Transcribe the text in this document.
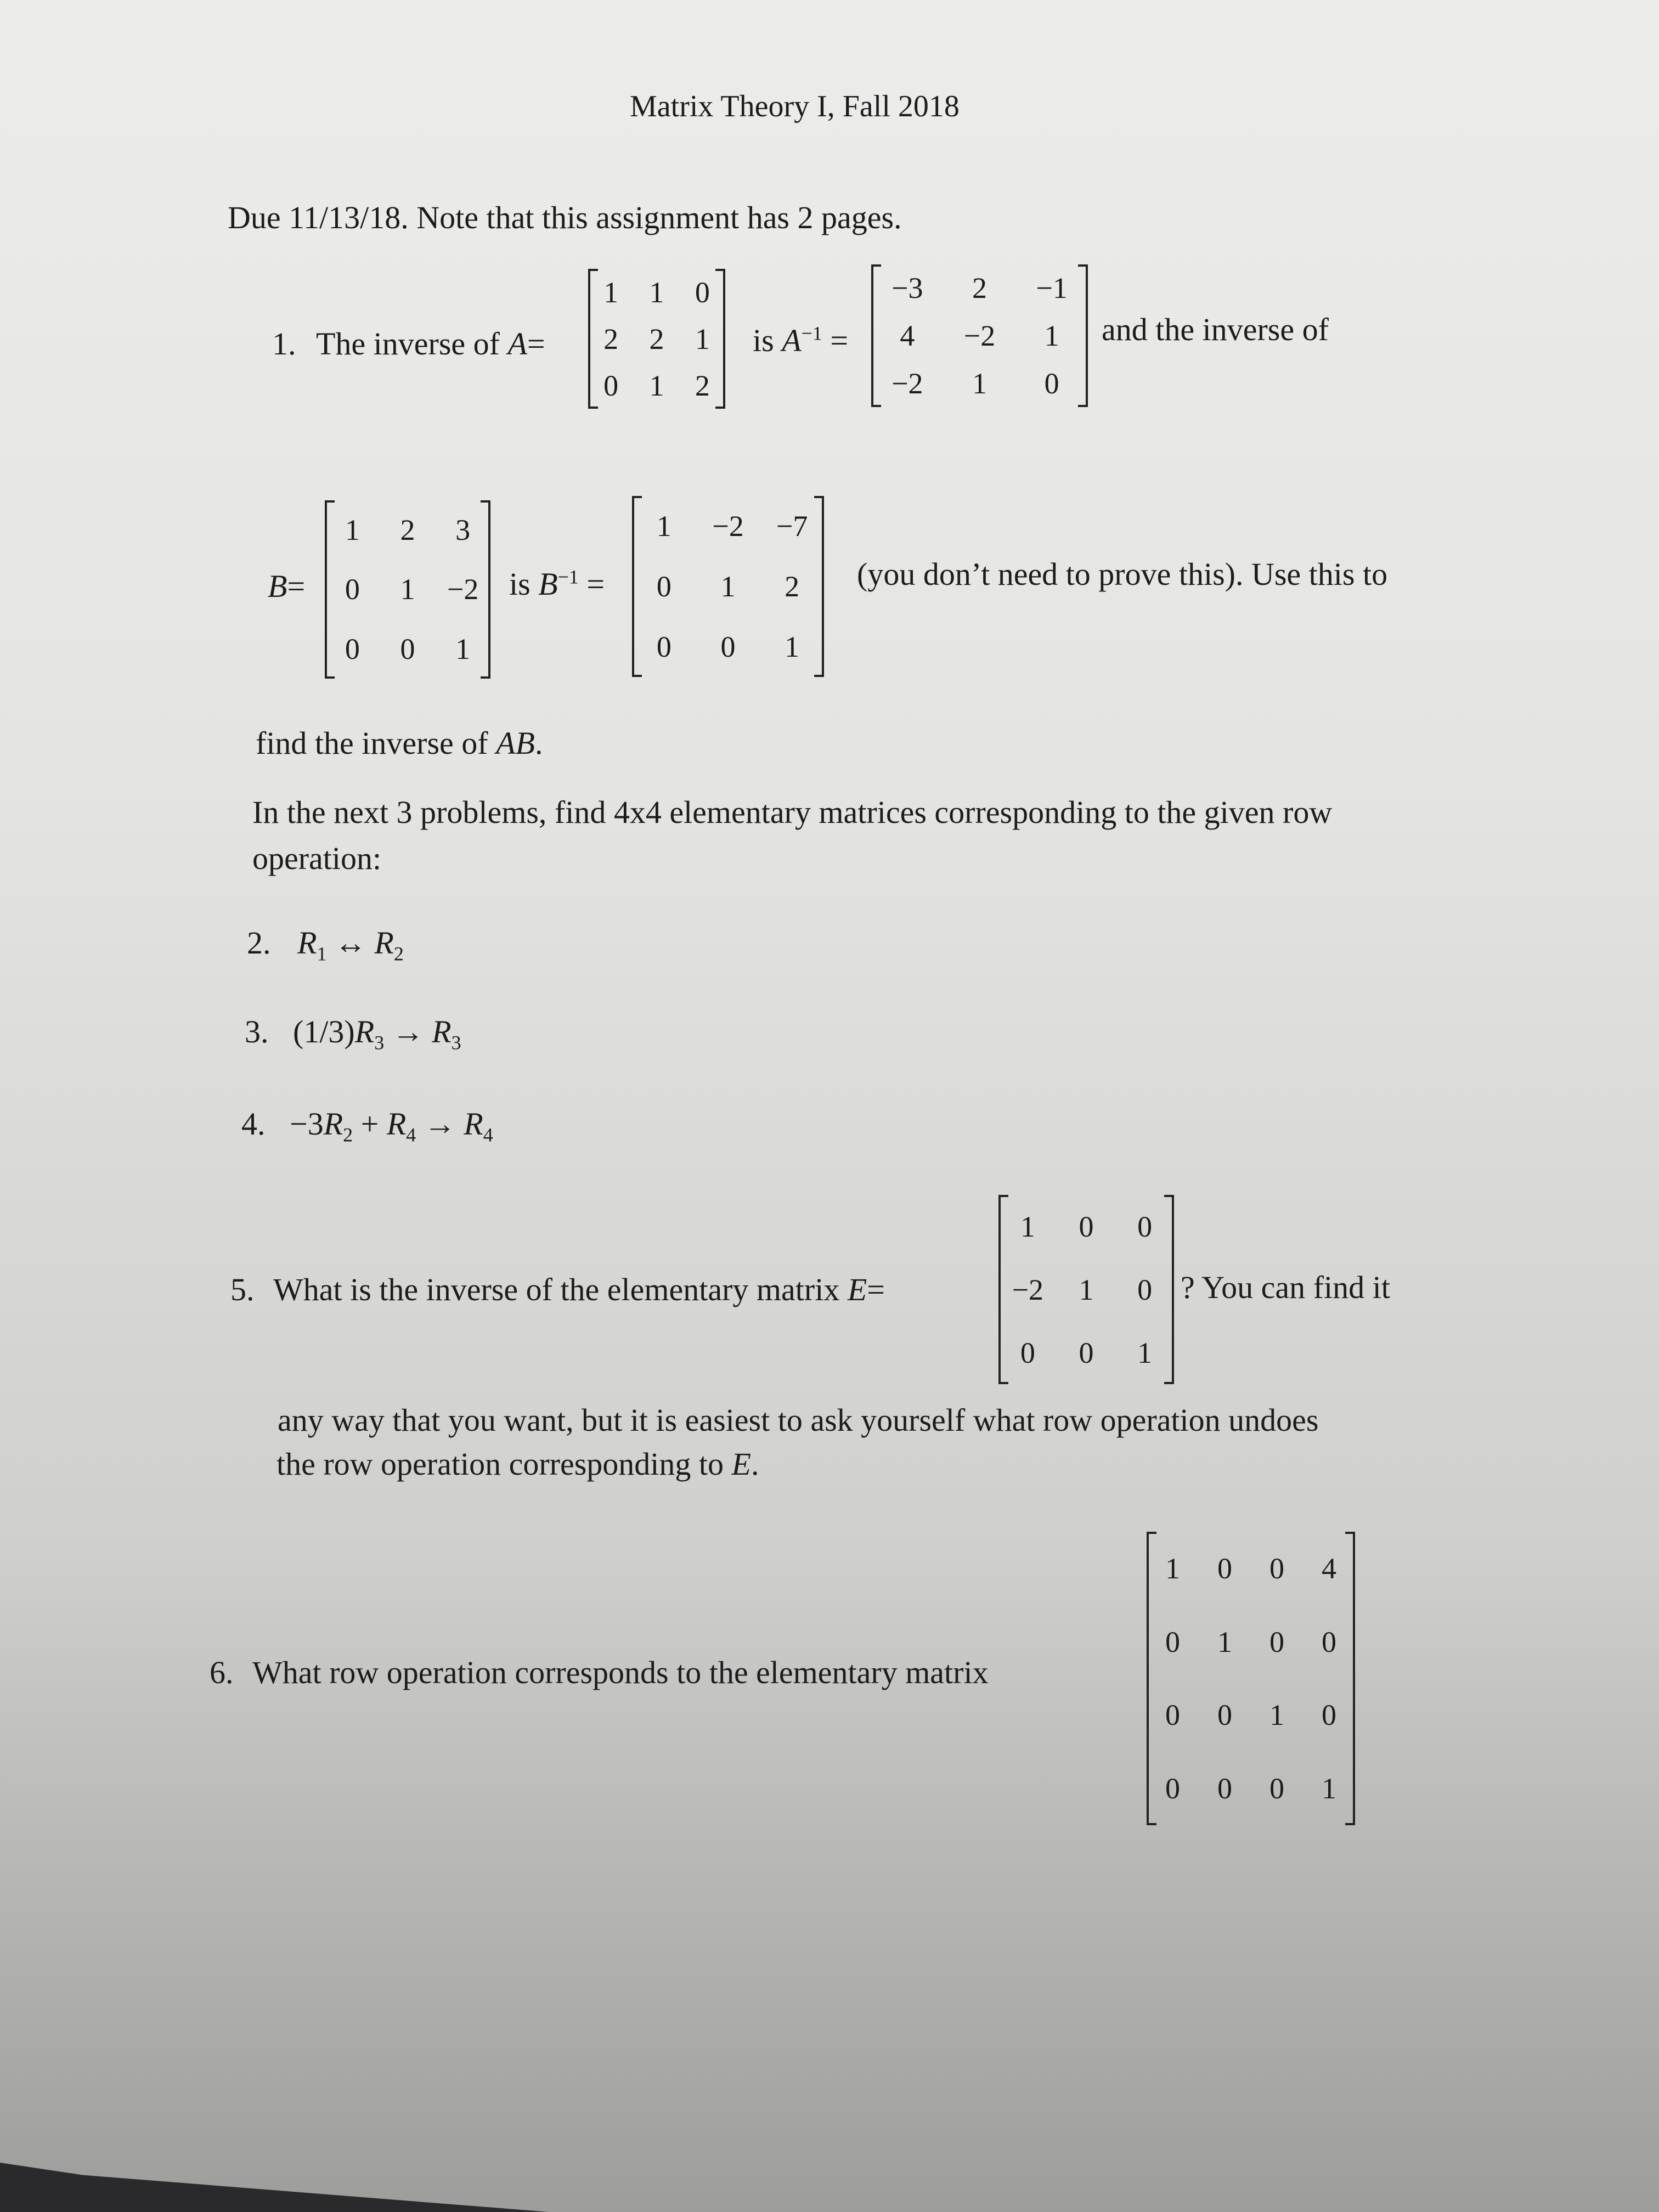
Matrix Theory I, Fall 2018
Due 11/13/18. Note that this assignment has 2 pages.
1. The inverse of A=
1 1 0
2 2 1
0 1 2
is $A^{-1}$ =
−3 2 −1
4 −2 1
−2 1 0
and the inverse of
B=
1 2 3
0 1 −2
0 0 1
is $B^{-1}$ =
1 −2 −7
0 1 2
0 0 1
(you don’t need to prove this). Use this to
find the inverse of AB.
In the next 3 problems, find 4x4 elementary matrices corresponding to the given row
operation:
2. $R_1$ ↔ $R_2$
3. $(1/3)R_3 \to R_3$
4. $-3R_2 + R_4 \to R_4$
5. What is the inverse of the elementary matrix E=
1 0 0
−2 1 0
0 0 1
? You can find it
any way that you want, but it is easiest to ask yourself what row operation undoes
the row operation corresponding to E.
6. What row operation corresponds to the elementary matrix
1 0 0 4
0 1 0 0
0 0 1 0
0 0 0 1
